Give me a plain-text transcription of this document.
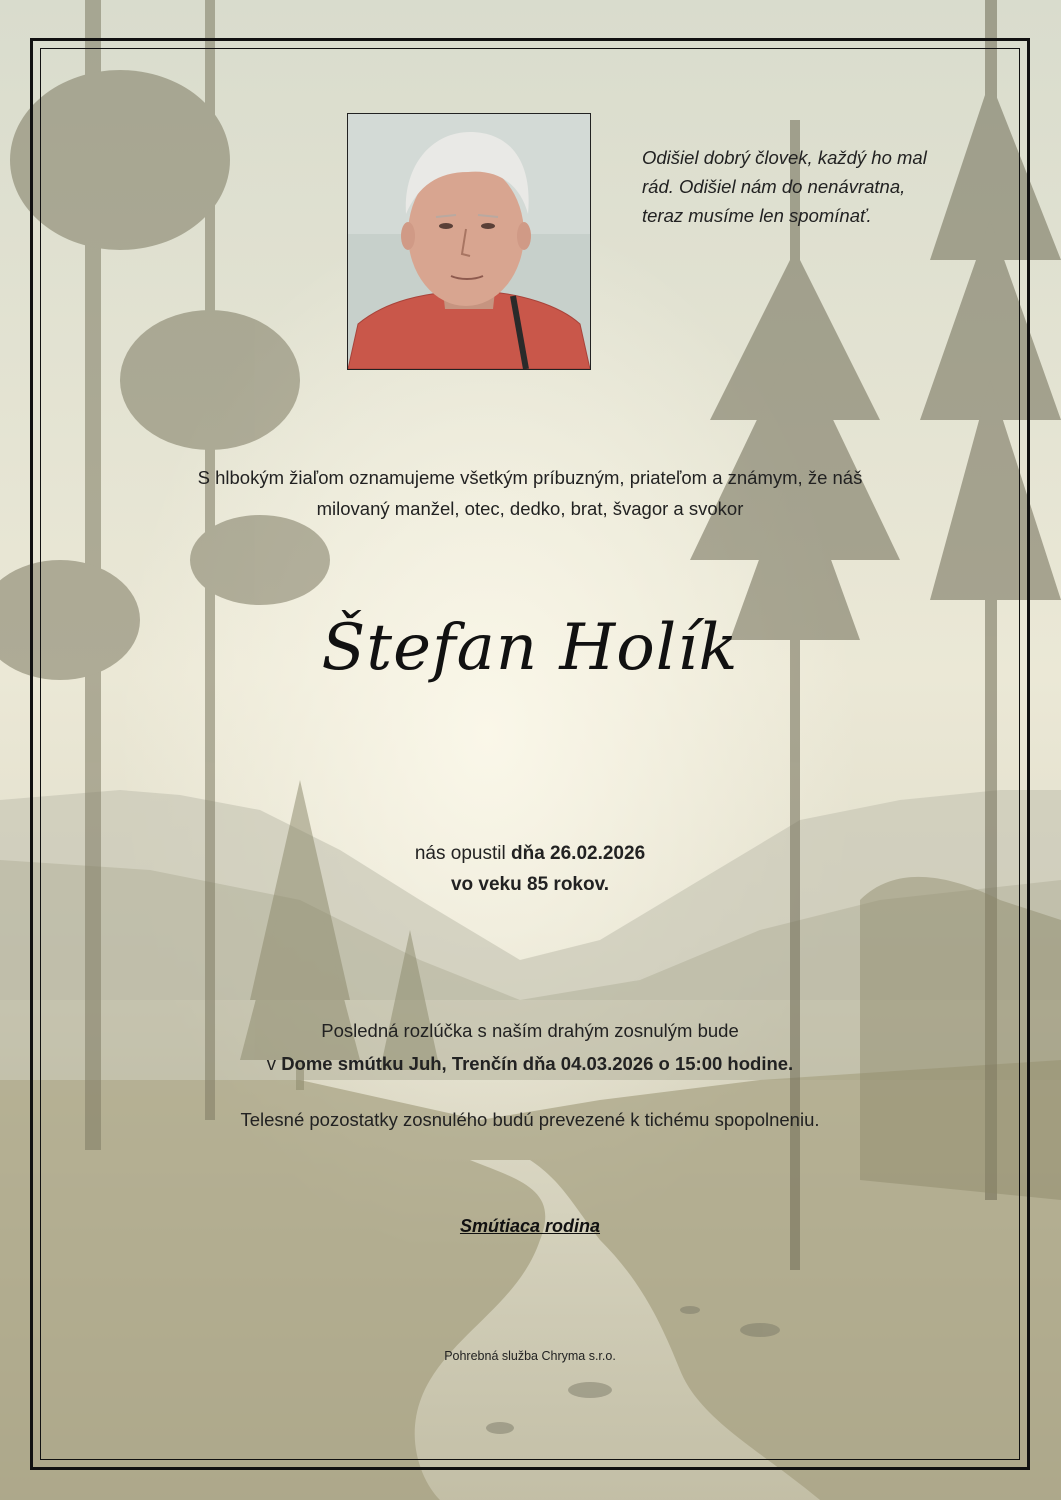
Odišiel dobrý človek, každý ho mal
rád. Odišiel nám do nenávratna,
teraz musíme len spomínať.
S hlbokým žiaľom oznamujeme všetkým príbuzným, priateľom a známym, že náš
milovaný manžel, otec, dedko, brat, švagor a svokor
Štefan Holík
nás opustil dňa 26.02.2026
vo veku 85 rokov.
Posledná rozlúčka s naším drahým zosnulým bude
v Dome smútku Juh, Trenčín dňa 04.03.2026 o 15:00 hodine.
Telesné pozostatky zosnulého budú prevezené k tichému spopolneniu.
Smútiaca rodina
Pohrebná služba Chryma s.r.o.
